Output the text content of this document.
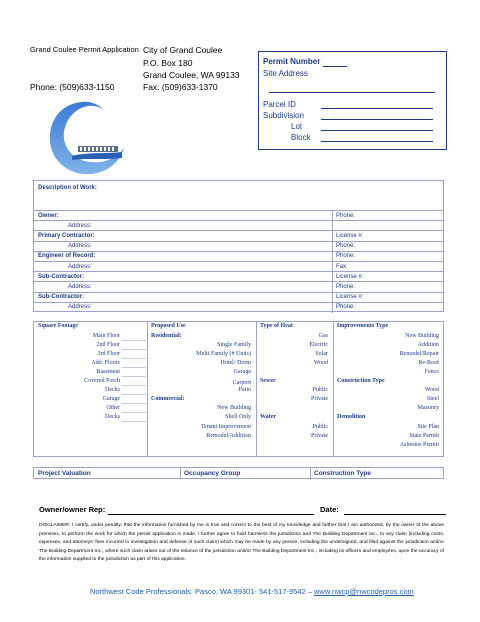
Grand Coulee Permit Application
Phone: (509)633-1150
City of Grand Coulee
P.O. Box 180
Grand Coulee, WA 99133
Fax: (509)633-1370
Permit Number
Site Address
Parcel ID
Subdivision
Lot
Block
Description of Work:
Owner:	Phone:
Address:
Primary Contractor:	License #:
Address:	Phone:
Engineer of Record:	Phone:
Address:	Fax:
Sub-Contractor:	License #:
Address:	Phone:
Sub-Contractor:	License #:
Address:	Phone:
Square Footage
Main Floor
2nd Floor
3rd Floor
Add. Floors
Basement
Covered Porch
Decks
Garage
Other
Decks
Proposed Use
Residential:
Single Family
Multi Family (# Units)
Hotel/ Dorm
Garage
Carport
Patio
Commercial:
New Building
Shell Only
Tenant Improvement
Remodel/Addition
Type of Heat
Gas
Electric
Solar
Wood
Sewer
Public
Private
Water
Public
Private
Improvements Type
New Building
Addition
Remodel/Repair
Re-Roof
Fence
Construction Type
Wood
Steel
Masonry
Demolition
Site Plan
State Permit
Asbestos Permit
Project Valuation	Occupancy Group	Construction Type
Owner/owner Rep:	Date:
DISCLAIMER: I certify, under penalty, that the information furnished by me is true and correct to the best of my knowledge and further that I am authorized, by the owner of the above premises, to perform the work for which the permit application is made. I further agree to hold harmless the jurisdiction and The Building Department Inc., to any claim (including costs, expenses, and attorneys' fees incurred in investigation and defense of such claim) which may be made by any person, including the undersigned, and filed against the jurisdiction and/or The Building Department Inc., where such claim arises out of the reliance of the jurisdiction and/or The Building Department Inc., including its officers and employees, upon the accuracy of the information supplied to the jurisdiction as part of this application.
Northwest Code Professionals. Pasco, WA 99301- 541-517-9542 – www.nwcp@nwcodepros.com
